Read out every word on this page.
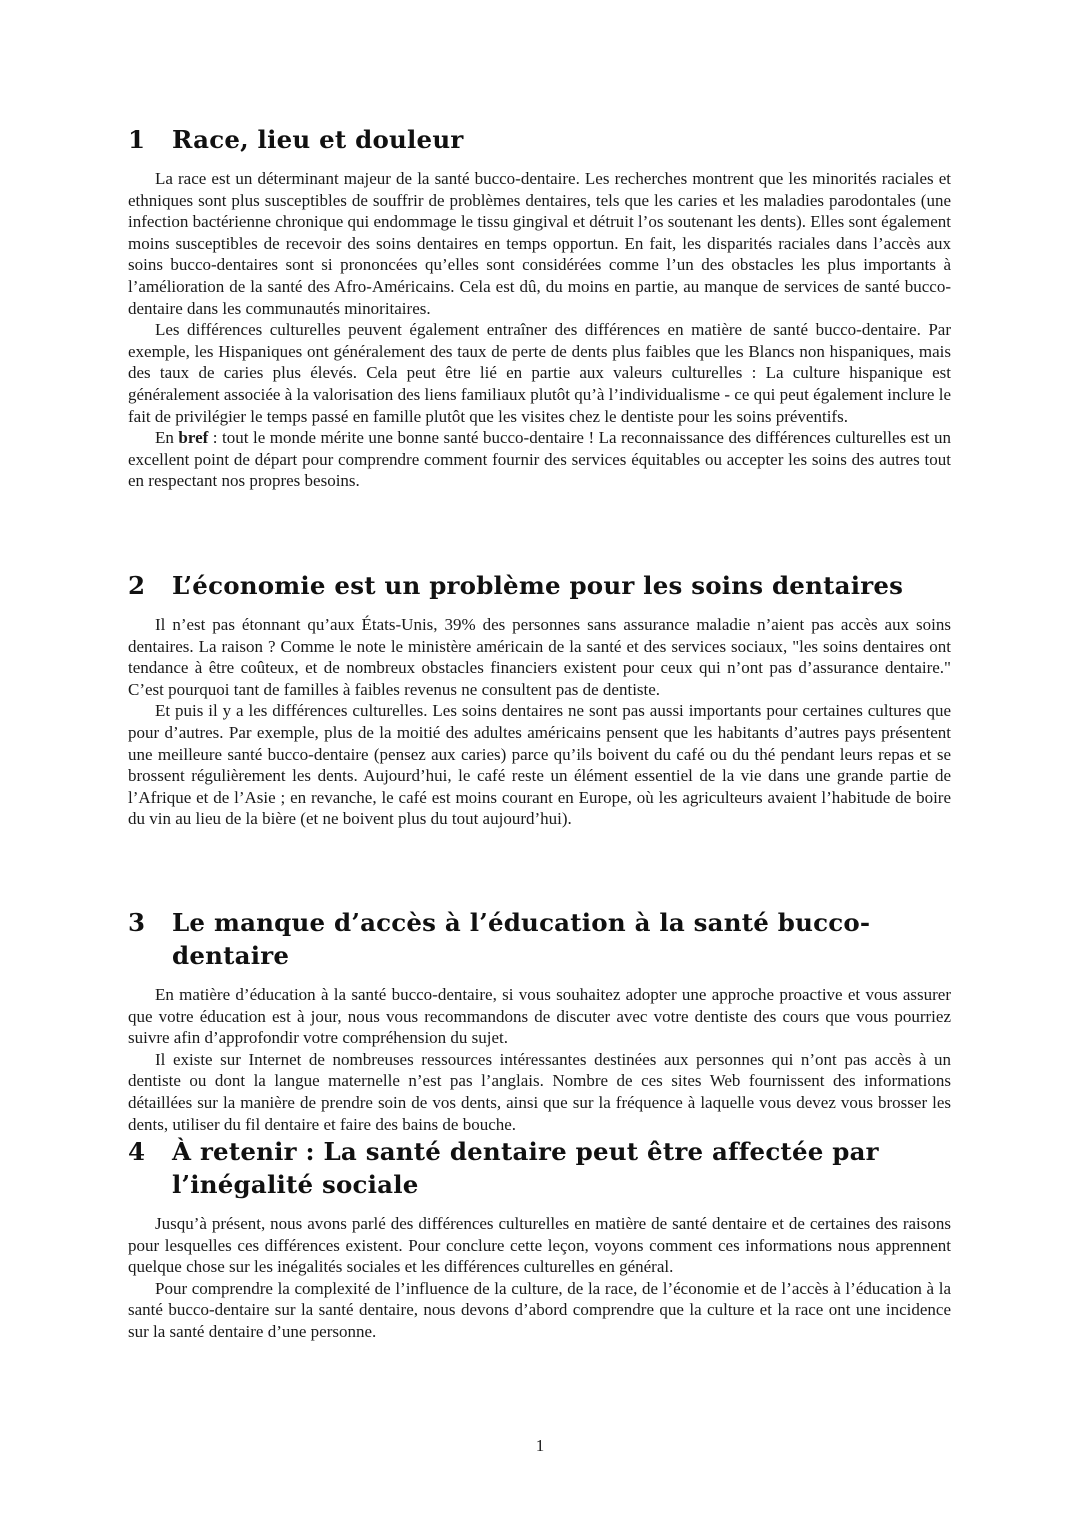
1	Race, lieu et douleur

La race est un déterminant majeur de la santé bucco-dentaire. Les recherches montrent que les minorités raciales et ethniques sont plus susceptibles de souffrir de problèmes dentaires, tels que les caries et les maladies parodontales (une infection bactérienne chronique qui endommage le tissu gingival et détruit l’os soutenant les dents). Elles sont également moins susceptibles de recevoir des soins dentaires en temps opportun. En fait, les disparités raciales dans l’accès aux soins bucco-dentaires sont si prononcées qu’elles sont considérées comme l’un des obstacles les plus importants à l’amélioration de la santé des Afro-Américains. Cela est dû, du moins en partie, au manque de services de santé bucco-dentaire dans les communautés minoritaires.

Les différences culturelles peuvent également entraîner des différences en matière de santé bucco-dentaire. Par exemple, les Hispaniques ont généralement des taux de perte de dents plus faibles que les Blancs non hispaniques, mais des taux de caries plus élevés. Cela peut être lié en partie aux valeurs culturelles : La culture hispanique est généralement associée à la valorisation des liens familiaux plutôt qu’à l’individualisme - ce qui peut également inclure le fait de privilégier le temps passé en famille plutôt que les visites chez le dentiste pour les soins préventifs.

En bref : tout le monde mérite une bonne santé bucco-dentaire ! La reconnaissance des différences culturelles est un excellent point de départ pour comprendre comment fournir des services équitables ou accepter les soins des autres tout en respectant nos propres besoins.

2	L’économie est un problème pour les soins dentaires

Il n’est pas étonnant qu’aux États-Unis, 39% des personnes sans assurance maladie n’aient pas accès aux soins dentaires. La raison ? Comme le note le ministère américain de la santé et des services sociaux, "les soins dentaires ont tendance à être coûteux, et de nombreux obstacles financiers existent pour ceux qui n’ont pas d’assurance dentaire." C’est pourquoi tant de familles à faibles revenus ne consultent pas de dentiste.

Et puis il y a les différences culturelles. Les soins dentaires ne sont pas aussi importants pour certaines cultures que pour d’autres. Par exemple, plus de la moitié des adultes américains pensent que les habitants d’autres pays présentent une meilleure santé bucco-dentaire (pensez aux caries) parce qu’ils boivent du café ou du thé pendant leurs repas et se brossent régulièrement les dents. Aujourd’hui, le café reste un élément essentiel de la vie dans une grande partie de l’Afrique et de l’Asie ; en revanche, le café est moins courant en Europe, où les agriculteurs avaient l’habitude de boire du vin au lieu de la bière (et ne boivent plus du tout aujourd’hui).

3	Le manque d’accès à l’éducation à la santé bucco-dentaire

En matière d’éducation à la santé bucco-dentaire, si vous souhaitez adopter une approche proactive et vous assurer que votre éducation est à jour, nous vous recommandons de discuter avec votre dentiste des cours que vous pourriez suivre afin d’approfondir votre compréhension du sujet.

Il existe sur Internet de nombreuses ressources intéressantes destinées aux personnes qui n’ont pas accès à un dentiste ou dont la langue maternelle n’est pas l’anglais. Nombre de ces sites Web fournissent des informations détaillées sur la manière de prendre soin de vos dents, ainsi que sur la fréquence à laquelle vous devez vous brosser les dents, utiliser du fil dentaire et faire des bains de bouche.

4	À retenir : La santé dentaire peut être affectée par l’inégalité sociale

Jusqu’à présent, nous avons parlé des différences culturelles en matière de santé dentaire et de certaines des raisons pour lesquelles ces différences existent. Pour conclure cette leçon, voyons comment ces informations nous apprennent quelque chose sur les inégalités sociales et les différences culturelles en général.

Pour comprendre la complexité de l’influence de la culture, de la race, de l’économie et de l’accès à l’éducation à la santé bucco-dentaire sur la santé dentaire, nous devons d’abord comprendre que la culture et la race ont une incidence sur la santé dentaire d’une personne.

1
